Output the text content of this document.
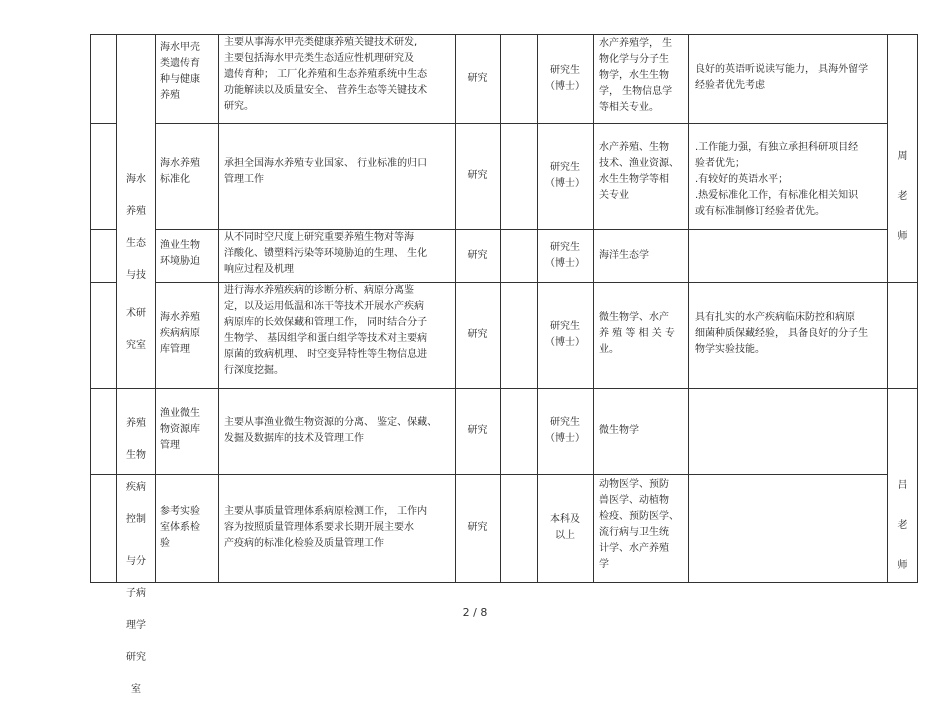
海水

养殖

生态

与技

术研

究室

养殖

生物

疾病

控制

与分

子病

理学

研究

室

海水甲壳
类遗传育
种与健康
养殖
主要从事海水甲壳类健康养殖关键技术研发,
主要包括海水甲壳类生态适应性机理研究及
遗传育种； 工厂化养殖和生态养殖系统中生态
功能解读以及质量安全、 营养生态等关键技术
研究。
研究
研究生
（博士）
水产养殖学， 生
物化学与分子生
物学，水生生物
学， 生物信息学
等相关专业。
良好的英语听说读写能力， 具海外留学
经验者优先考虑
海水养殖
标准化
承担全国海水养殖专业国家、 行业标准的归口
管理工作	研究
研究生
（博士）
水产养殖、生物
技术、渔业资源、
水生生物学等相
关专业
.工作能力强，有独立承担科研项目经
验者优先；
.有较好的英语水平；
.热爱标准化工作，有标准化相关知识
或有标准制修订经验者优先。
渔业生物
环境胁迫
从不同时空尺度上研究重要养殖生物对等海
洋酸化、镄塑料污染等环境胁迫的生理、 生化
响应过程及机理
研究
研究生
（博士）
海洋生态学
海水养殖
疾病病原
库管理
进行海水养殖疾病的诊断分析、病原分离鉴
定，以及运用低温和冻干等技术开展水产疾病
病原库的长效保藏和管理工作， 同时结合分子
生物学、 基因组学和蛋白组学等技术对主要病
原菌的致病机理、 时空变异特性等生物信息进
行深度挖掘。
研究
研究生
（博士）
微生物学、水产
养 殖 等 相 关 专
业。
具有扎实的水产疾病临床防控和病原
细菌种质保藏经验， 具备良好的分子生
物学实验技能。
渔业微生
物资源库
管理
主要从事渔业微生物资源的分离、 鉴定、保藏、
发掘及数据库的技术及管理工作
研究
研究生
（博士）
微生物学
参考实验
室体系检
验
主要从事质量管理体系病原检测工作， 工作内
容为按照质量管理体系要求长期开展主要水
产疫病的标准化检验及质量管理工作
研究
本科及
以上
动物医学、预防
兽医学、动植物
检疫、预防医学、
流行病与卫生统
计学、水产养殖
学

周

老

师

吕

老

师

2 / 8
